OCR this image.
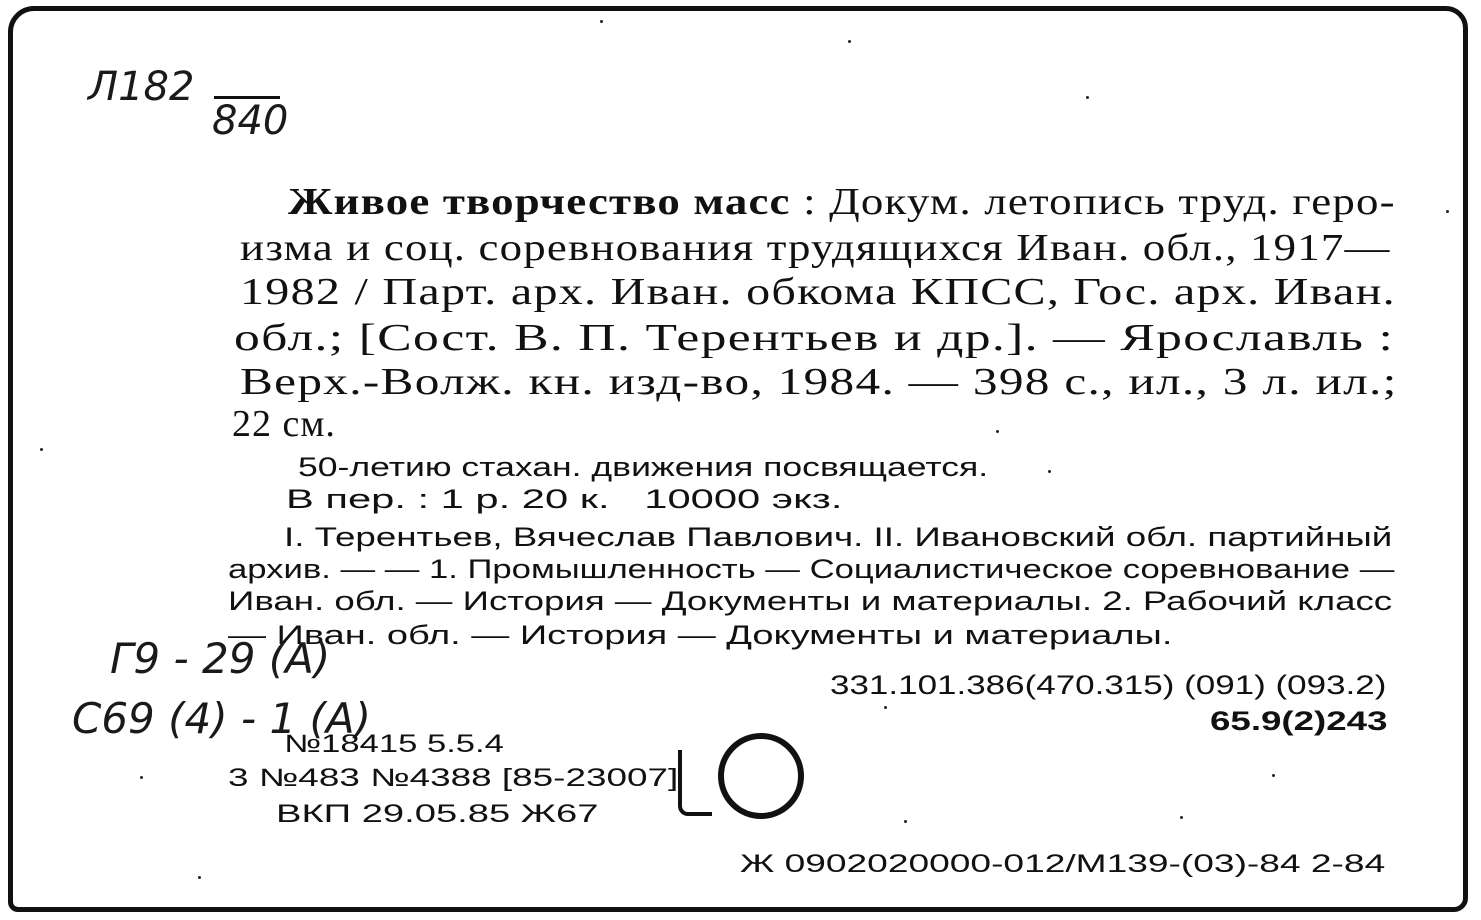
Л182
840
Живое творчество масс : Докум. летопись труд. геро-
изма и соц. соревнования трудящихся Иван. обл., 1917—
1982 / Парт. арх. Иван. обкома КПСС, Гос. арх. Иван.
обл.; [Сост. В. П. Терентьев и др.]. — Ярославль :
Верх.-Волж. кн. изд-во, 1984. — 398 с., ил., 3 л. ил.;
22 см.
50-летию стахан. движения посвящается.
В пер. : 1 р. 20 к.   10000 экз.
I. Терентьев, Вячеслав Павлович. II. Ивановский обл. партийный
архив. — — 1. Промышленность — Социалистическое соревнование —
Иван. обл. — История — Документы и материалы. 2. Рабочий класс
— Иван. обл. — История — Документы и материалы.
331.101.386(470.315) (091) (093.2)
65.9(2)243
Г9 - 29 (А)
С69 (4) - 1 (А)
№18415 5.5.4
3 №483 №4388 [85-23007]
ВКП 29.05.85 Ж67
Ж 0902020000-012/М139-(03)-84 2-84
